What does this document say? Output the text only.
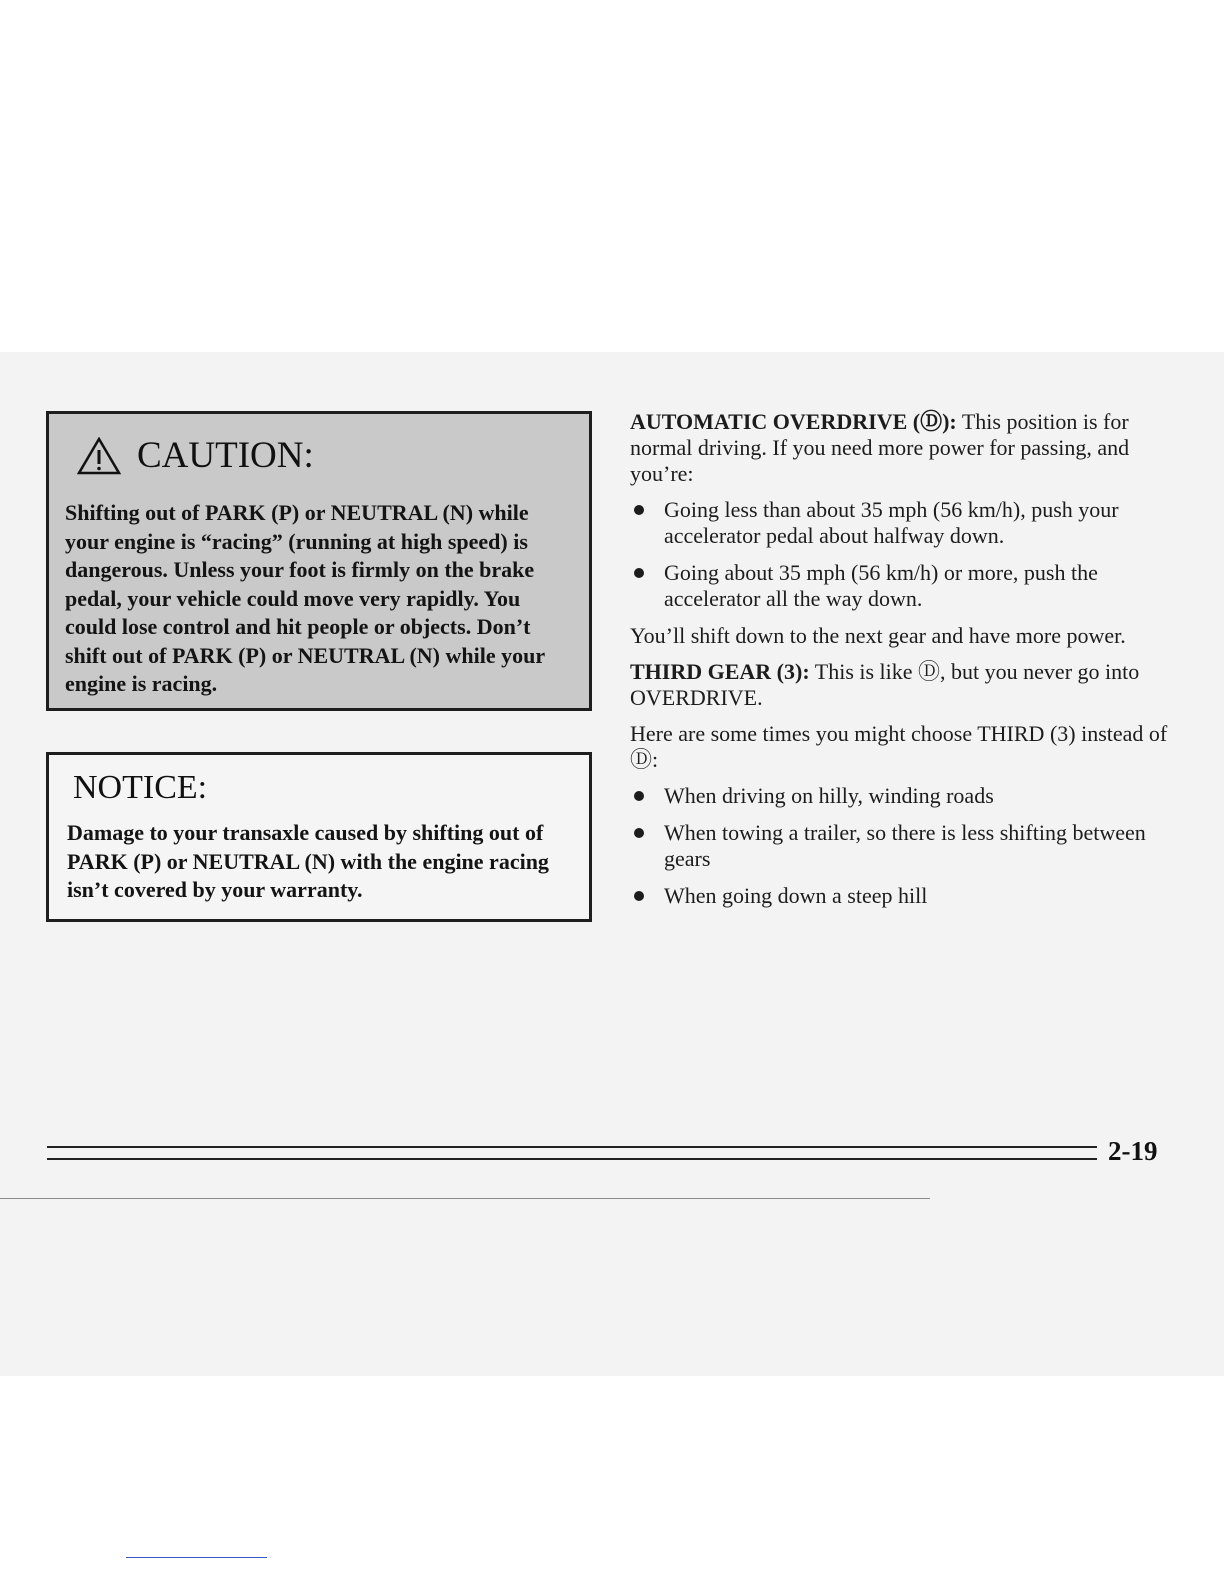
CAUTION:

Shifting out of PARK (P) or NEUTRAL (N) while your engine is “racing” (running at high speed) is dangerous. Unless your foot is firmly on the brake pedal, your vehicle could move very rapidly. You could lose control and hit people or objects. Don’t shift out of PARK (P) or NEUTRAL (N) while your engine is racing.

NOTICE:

Damage to your transaxle caused by shifting out of PARK (P) or NEUTRAL (N) with the engine racing isn’t covered by your warranty.

AUTOMATIC OVERDRIVE (Ⓓ): This position is for normal driving. If you need more power for passing, and you’re:

Going less than about 35 mph (56 km/h), push your accelerator pedal about halfway down.
Going about 35 mph (56 km/h) or more, push the accelerator all the way down.

You’ll shift down to the next gear and have more power.

THIRD GEAR (3): This is like Ⓓ, but you never go into OVERDRIVE.

Here are some times you might choose THIRD (3) instead of Ⓓ:

When driving on hilly, winding roads
When towing a trailer, so there is less shifting between gears
When going down a steep hill
2-19
